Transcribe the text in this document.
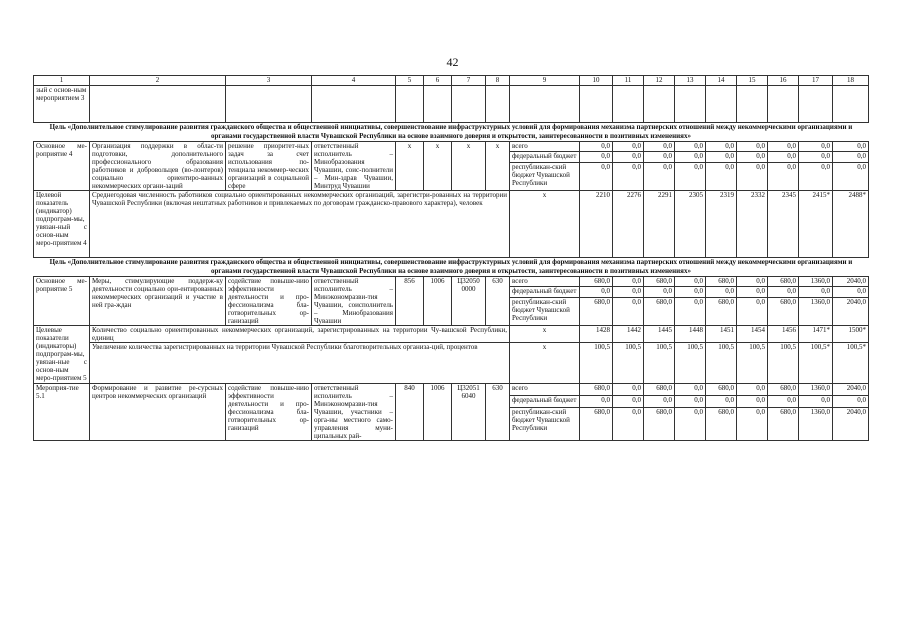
42
1	2	3	4	5	6	7	8	9	10	11	12	13	14	15	16	17	18
зый с основ-ным мероприятием 3																	
Цель «Дополнительное стимулирование развития гражданского общества и общественной инициативы, совершенствование инфраструктурных условий для формирования механизма партнерских отношений между некоммерческими организациями и органами государственной власти Чувашской Республики на основе взаимного доверия и открытости, заинтересованности в позитивных изменениях»																	
Основное ме-роприятие 4	Организация поддержки в облас-ти подготовки, дополнительного профессионального образования работников и добровольцев (во-лонтеров) социально ориентиро-ванных некоммерческих органи-заций	решение приоритет-ных задач за счет использования по-тенциала некоммер-ческих организаций в социальной сфере	ответственный исполнитель – Минобразования Чувашии, соис-полнители – Мин-здрав Чувашии, Минтруд Чувашии	x	x	x	x	всего	0,0	0,0	0,0	0,0	0,0	0,0	0,0	0,0	0,0
								федеральный бюджет	0,0	0,0	0,0	0,0	0,0	0,0	0,0	0,0	0,0
								республикан-ский бюджет Чувашской Республики	0,0	0,0	0,0	0,0	0,0	0,0	0,0	0,0	0,0
Целевой показатель (индикатор) подпрограм-мы, увязан-ный с основ-ным меро-приятием 4	Среднегодовая численность работников социально ориентированных некоммерческих организаций, зарегистри-рованных на территории Чувашской Республики (включая нештатных работников и привлекаемых по договорам гражданско-правового характера), человек							x	2210	2276	2291	2305	2319	2332	2345	2415*	2488*
Цель «Дополнительное стимулирование развития гражданского общества и общественной инициативы, совершенствование инфраструктурных условий для формирования механизма партнерских отношений между некоммерческими организациями и органами государственной власти Чувашской Республики на основе взаимного доверия и открытости, заинтересованности в позитивных изменениях»																	
Основное ме-роприятие 5	Меры, стимулирующие поддерж-ку деятельности социально ори-ентированных некоммерческих организаций и участие в ней гра-ждан	содействие повыше-нию эффективности деятельности и про-фессионализма бла-готворительных ор-ганизаций	ответственный исполнитель – Минэкономразви-тия Чувашии, соисполнитель – Минобразования Чувашии	856	1006	Ц32050 0000	630	всего	680,0	0,0	680,0	0,0	680,0	0,0	680,0	1360,0	2040,0
								федеральный бюджет	0,0	0,0	0,0	0,0	0,0	0,0	0,0	0,0	0,0
								республикан-ский бюджет Чувашской Республики	680,0	0,0	680,0	0,0	680,0	0,0	680,0	1360,0	2040,0
Целевые показатели (индикаторы) подпрограм-мы, увязан-ные с основ-ным меро-приятием 5	Количество социально ориентированных некоммерческих организаций, зарегистрированных на территории Чу-вашской Республики, единиц							x	1428	1442	1445	1448	1451	1454	1456	1471*	1500*
	Увеличение количества зарегистрированных на территории Чувашской Республики благотворительных организа-ций, процентов							x	100,5	100,5	100,5	100,5	100,5	100,5	100,5	100,5*	100,5*
Мероприя-тие 5.1	Формирование и развитие ре-сурсных центров некоммерческих организаций	содействие повыше-нию эффективности деятельности и про-фессионализма бла-готворительных ор-ганизаций	ответственный исполнитель – Минэкономразви-тия Чувашии, участники – орга-ны местного само-управления муни-ципальных рай-	840	1006	Ц32051 6040	630	всего	680,0	0,0	680,0	0,0	680,0	0,0	680,0	1360,0	2040,0
								федеральный бюджет	0,0	0,0	0,0	0,0	0,0	0,0	0,0	0,0	0,0
								республикан-ский бюджет Чувашской Республики	680,0	0,0	680,0	0,0	680,0	0,0	680,0	1360,0	2040,0
